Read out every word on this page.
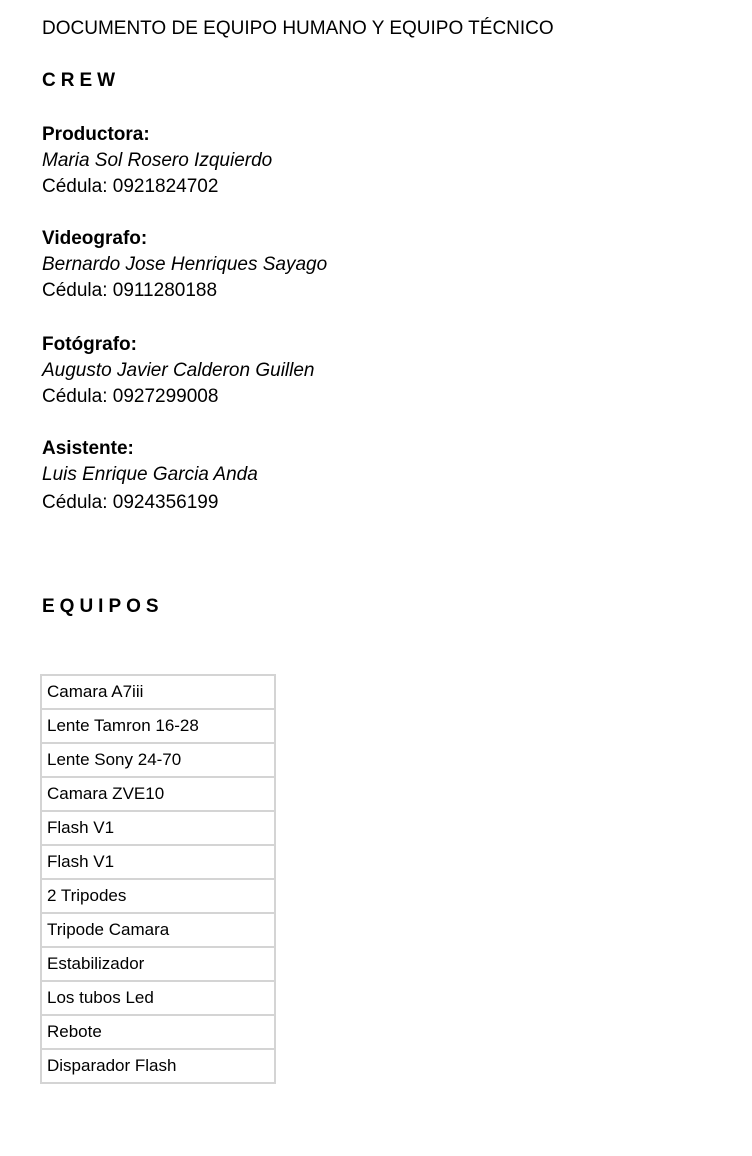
DOCUMENTO DE EQUIPO HUMANO Y EQUIPO TÉCNICO
CREW
Productora:
Maria Sol Rosero Izquierdo
Cédula: 0921824702
Videografo:
Bernardo Jose Henriques Sayago
Cédula: 0911280188
Fotógrafo:
Augusto Javier Calderon Guillen
Cédula: 0927299008
Asistente:
Luis Enrique Garcia Anda
Cédula: 0924356199
EQUIPOS
Camara A7iii
Lente Tamron 16-28
Lente Sony 24-70
Camara ZVE10
Flash V1
Flash V1
2 Tripodes
Tripode Camara
Estabilizador
Los tubos Led
Rebote
Disparador Flash
